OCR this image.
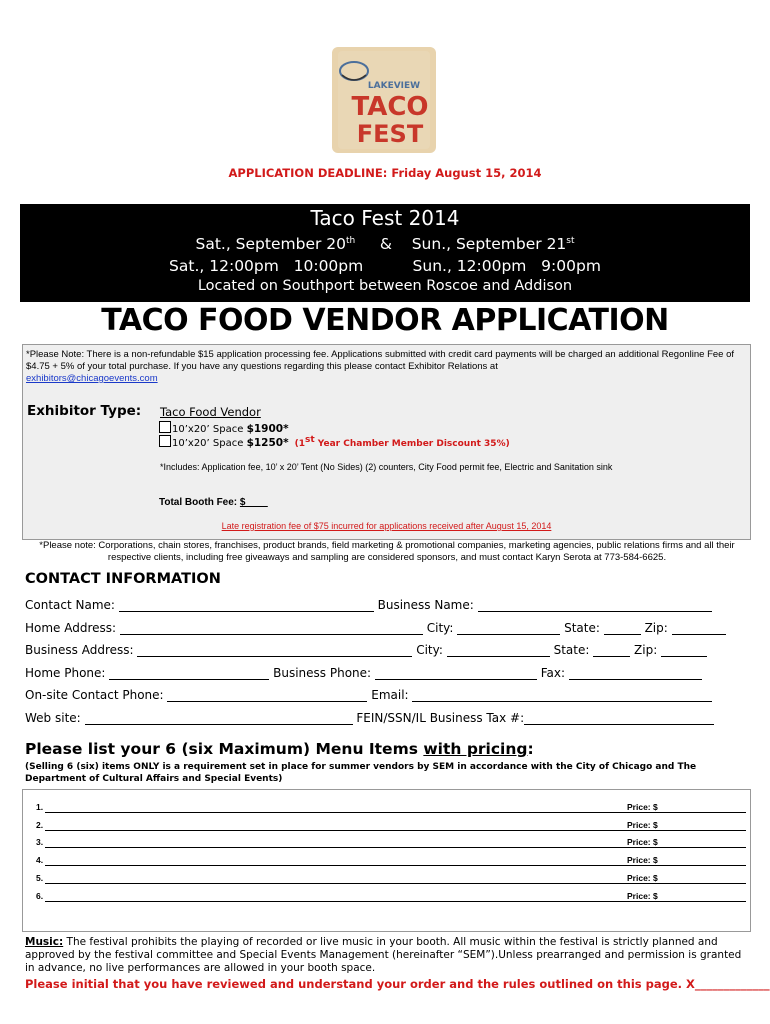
LAKEVIEW
TACO
FEST
APPLICATION DEADLINE: Friday August 15, 2014
Taco Fest 2014
Sat., September 20th & Sun., September 21st
Sat., 12:00pm   10:00pm	Sun., 12:00pm   9:00pm
Located on Southport between Roscoe and Addison
TACO FOOD VENDOR APPLICATION
*Please Note: There is a non-refundable $15 application processing fee. Applications submitted with credit card payments will be charged an additional Regonline Fee of $4.75 + 5% of your total purchase. If you have any questions regarding this please contact Exhibitor Relations at
exhibitors@chicagoevents.com
Exhibitor Type: Taco Food Vendor
10’x20’ Space $1900*
10’x20’ Space $1250* (1st Year Chamber Member Discount 35%)
*Includes: Application fee, 10’ x 20’ Tent (No Sides) (2) counters, City Food permit fee, Electric and Sanitation sink
Total Booth Fee: $____
Late registration fee of $75 incurred for applications received after August 15, 2014
*Please note: Corporations, chain stores, franchises, product brands, field marketing & promotional companies, marketing agencies, public relations firms and all their respective clients, including free giveaways and sampling are considered sponsors, and must contact Karyn Serota at 773-584-6625.
CONTACT INFORMATION
Contact Name:	Business Name:
Home Address:	City:	State:	Zip:
Business Address:	City:	State:	Zip:
Home Phone:	Business Phone:	Fax:
On-site Contact Phone:	Email:
Web site:	FEIN/SSN/IL Business Tax #:
Please list your 6 (six Maximum) Menu Items with pricing:
(Selling 6 (six) items ONLY is a requirement set in place for summer vendors by SEM in accordance with the City of Chicago and The Department of Cultural Affairs and Special Events)
1.	Price: $
2.	Price: $
3.	Price: $
4.	Price: $
5.	Price: $
6.	Price: $
Music: The festival prohibits the playing of recorded or live music in your booth. All music within the festival is strictly planned and approved by the festival committee and Special Events Management (hereinafter “SEM”).Unless prearranged and permission is granted in advance, no live performances are allowed in your booth space.
Please initial that you have reviewed and understand your order and the rules outlined on this page. X_____________
